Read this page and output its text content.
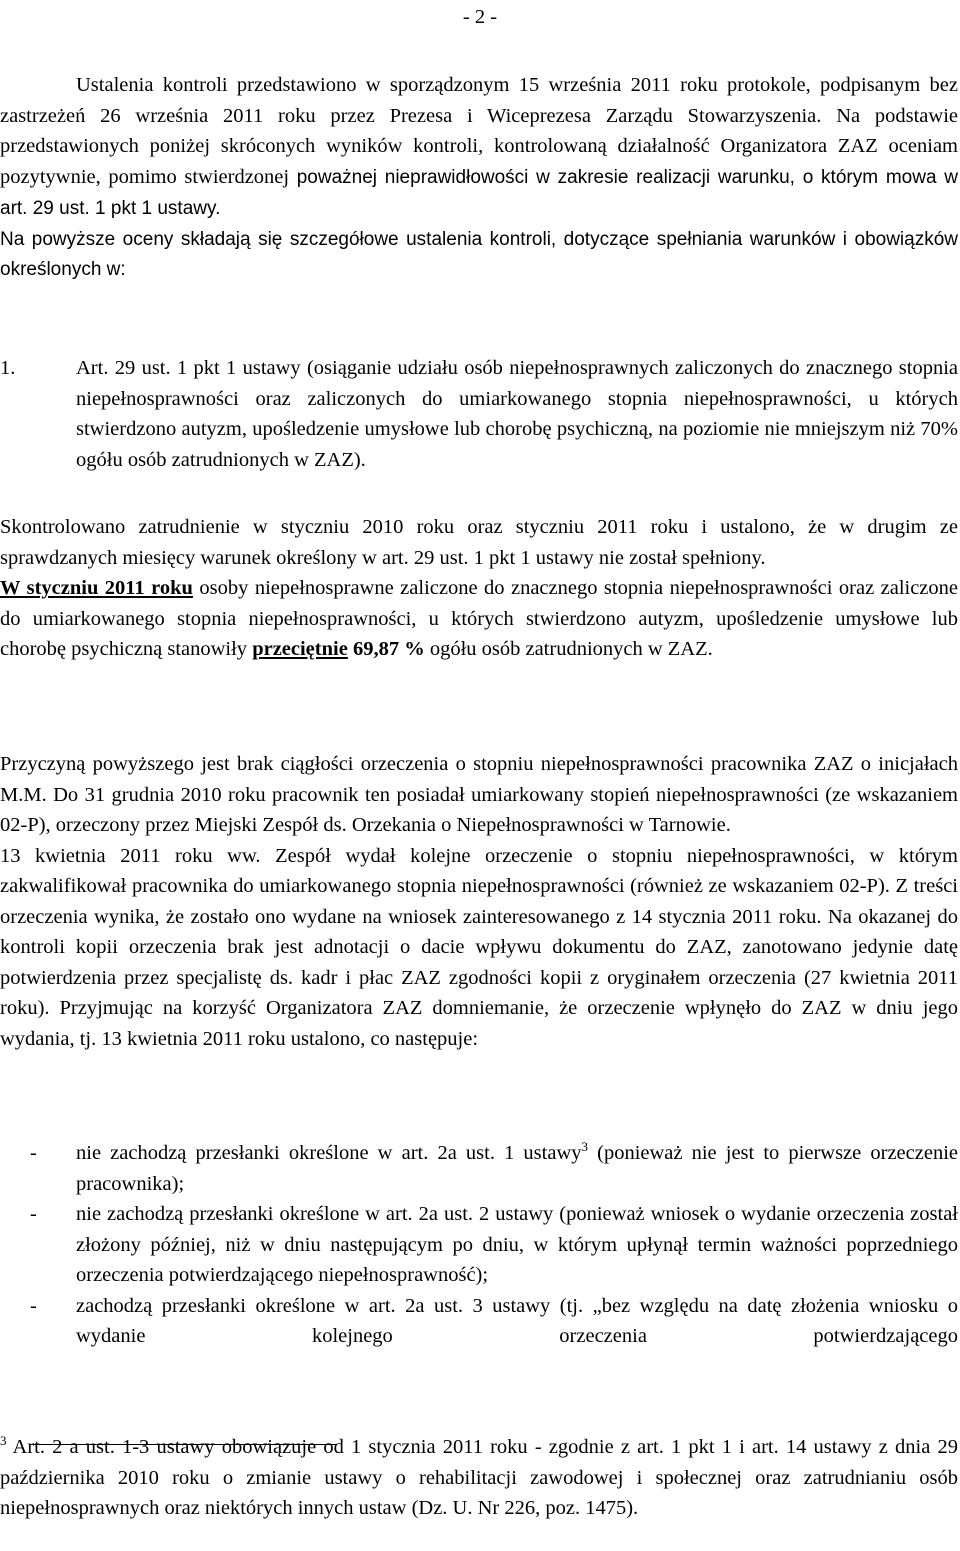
- 2 -

Ustalenia kontroli przedstawiono w sporządzonym 15 września 2011 roku protokole, podpisanym bez zastrzeżeń 26 września 2011 roku przez Prezesa i Wiceprezesa Zarządu Stowarzyszenia. Na podstawie przedstawionych poniżej skróconych wyników kontroli, kontrolowaną działalność Organizatora ZAZ oceniam pozytywnie, pomimo stwierdzonej poważnej nieprawidłowości w zakresie realizacji warunku, o którym mowa w art. 29 ust. 1 pkt 1 ustawy.

Na powyższe oceny składają się szczegółowe ustalenia kontroli, dotyczące spełniania warunków i obowiązków określonych w:

1.	Art. 29 ust. 1 pkt 1 ustawy (osiąganie udziału osób niepełnosprawnych zaliczonych do znacznego stopnia niepełnosprawności oraz zaliczonych do umiarkowanego stopnia niepełnosprawności, u których stwierdzono autyzm, upośledzenie umysłowe lub chorobę psychiczną, na poziomie nie mniejszym niż 70% ogółu osób zatrudnionych w ZAZ).

Skontrolowano zatrudnienie w styczniu 2010 roku oraz styczniu 2011 roku i ustalono, że w drugim ze sprawdzanych miesięcy warunek określony w art. 29 ust. 1 pkt 1 ustawy nie został spełniony.

W styczniu 2011 roku osoby niepełnosprawne zaliczone do znacznego stopnia niepełnosprawności oraz zaliczone do umiarkowanego stopnia niepełnosprawności, u których stwierdzono autyzm, upośledzenie umysłowe lub chorobę psychiczną stanowiły przeciętnie 69,87 % ogółu osób zatrudnionych w ZAZ.

Przyczyną powyższego jest brak ciągłości orzeczenia o stopniu niepełnosprawności pracownika ZAZ o inicjałach M.M. Do 31 grudnia 2010 roku pracownik ten posiadał umiarkowany stopień niepełnosprawności (ze wskazaniem 02-P), orzeczony przez Miejski Zespół ds. Orzekania o Niepełnosprawności w Tarnowie.

13 kwietnia 2011 roku ww. Zespół wydał kolejne orzeczenie o stopniu niepełnosprawności, w którym zakwalifikował pracownika do umiarkowanego stopnia niepełnosprawności (również ze wskazaniem 02-P). Z treści orzeczenia wynika, że zostało ono wydane na wniosek zainteresowanego z 14 stycznia 2011 roku. Na okazanej do kontroli kopii orzeczenia brak jest adnotacji o dacie wpływu dokumentu do ZAZ, zanotowano jedynie datę potwierdzenia przez specjalistę ds. kadr i płac ZAZ zgodności kopii z oryginałem orzeczenia (27 kwietnia 2011 roku). Przyjmując na korzyść Organizatora ZAZ domniemanie, że orzeczenie wpłynęło do ZAZ w dniu jego wydania, tj. 13 kwietnia 2011 roku ustalono, co następuje:

-	nie zachodzą przesłanki określone w art. 2a ust. 1 ustawy$^3$ (ponieważ nie jest to pierwsze orzeczenie pracownika);
-	nie zachodzą przesłanki określone w art. 2a ust. 2 ustawy (ponieważ wniosek o wydanie orzeczenia został złożony później, niż w dniu następującym po dniu, w którym upłynął termin ważności poprzedniego orzeczenia potwierdzającego niepełnosprawność);
-	zachodzą przesłanki określone w art. 2a ust. 3 ustawy (tj. „bez względu na datę złożenia wniosku o wydanie kolejnego orzeczenia potwierdzającego

$^3$ Art. 2 a ust. 1-3 ustawy obowiązuje od 1 stycznia 2011 roku - zgodnie z art. 1 pkt 1 i art. 14 ustawy z dnia 29 października 2010 roku o zmianie ustawy o rehabilitacji zawodowej i społecznej oraz zatrudnianiu osób niepełnosprawnych oraz niektórych innych ustaw (Dz. U. Nr 226, poz. 1475).
